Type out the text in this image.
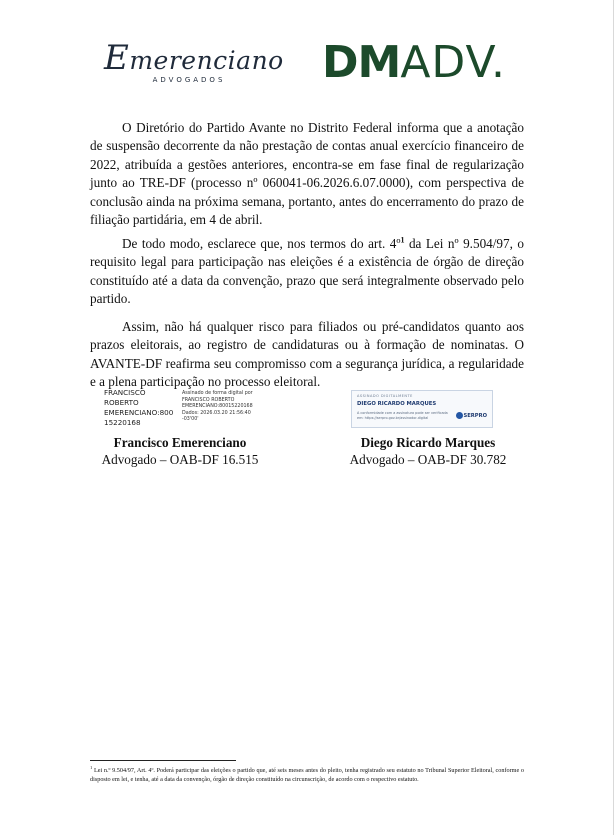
Emerenciano
ADVOGADOS	DMADV.

O Diretório do Partido Avante no Distrito Federal informa que a anotação de suspensão decorrente da não prestação de contas anual exercício financeiro de 2022, atribuída a gestões anteriores, encontra-se em fase final de regularização junto ao TRE-DF (processo nº 060041-06.2026.6.07.0000), com perspectiva de conclusão ainda na próxima semana, portanto, antes do encerramento do prazo de filiação partidária, em 4 de abril.

De todo modo, esclarece que, nos termos do art. 4º$^1$ da Lei nº 9.504/97, o requisito legal para participação nas eleições é a existência de órgão de direção constituído até a data da convenção, prazo que será integralmente observado pelo partido.

Assim, não há qualquer risco para filiados ou pré-candidatos quanto aos prazos eleitorais, ao registro de candidaturas ou à formação de nominatas. O AVANTE-DF reafirma seu compromisso com a segurança jurídica, a regularidade e a plena participação no processo eleitoral.

FRANCISCO ROBERTO EMERENCIANO:800 15220168
Assinado de forma digital por FRANCISCO ROBERTO EMERENCIANO:80015220168 Dados: 2026.03.20 21:56:40 -03'00'
ASSINADO DIGITALMENTE
DIEGO RICARDO MARQUES
A conformidade com a assinatura pode ser verificada em: https://serpro.gov.br/assinador-digital	SERPRO
Francisco Emerenciano
Advogado – OAB-DF 16.515
Diego Ricardo Marques
Advogado – OAB-DF 30.782

$^1$ Lei n.º 9.504/97, Art. 4º. Poderá participar das eleições o partido que, até seis meses antes do pleito, tenha registrado seu estatuto no Tribunal Superior Eleitoral, conforme o disposto em lei, e tenha, até a data da convenção, órgão de direção constituído na circunscrição, de acordo com o respectivo estatuto.
